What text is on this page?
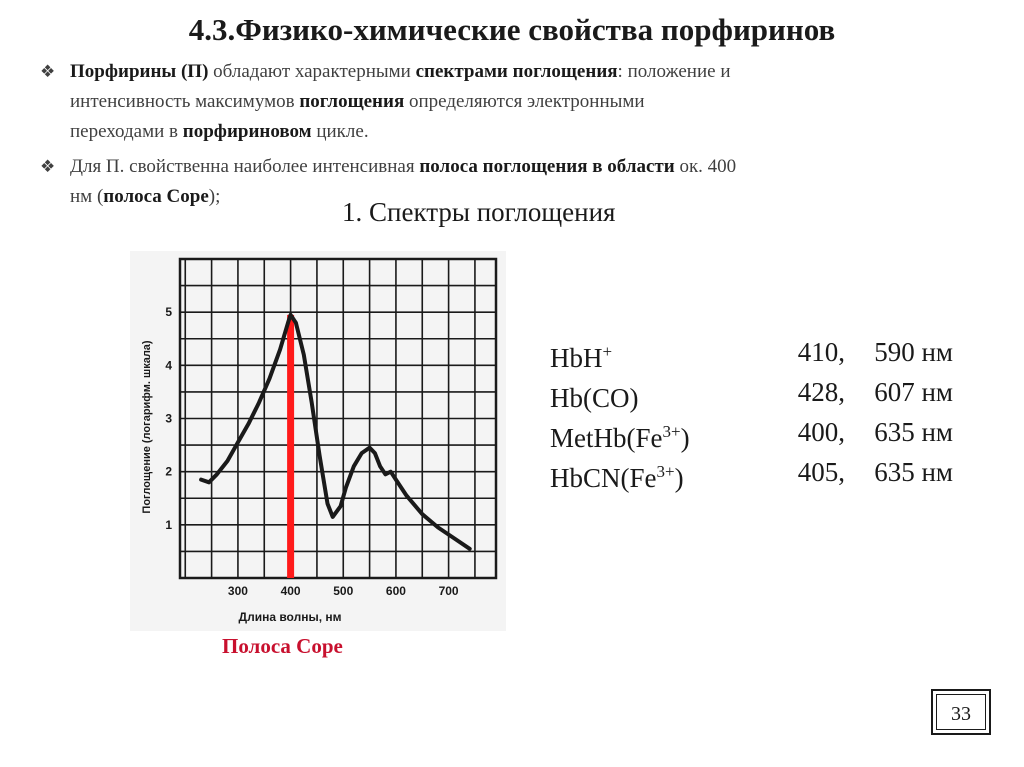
4.3.Физико-химические свойства порфиринов
❖ Порфирины (П) обладают характерными спектрами поглощения: положение и
интенсивность максимумов поглощения определяются электронными
переходами в порфириновом цикле.
❖ Для П. свойственна наиболее интенсивная полоса поглощения в области ок. 400
нм (полоса Соре);
1. Спектры поглощения
300	400	500	600	700
1
2
3
4
5
Длина волны, нм
Поглощение (логарифм. шкала)
Полоса Соре
HbH+	410,	590 нм
Hb(CO)	428,	607 нм
$MetHb(Fe^{3+})$	400,	635 нм
$HbCN(Fe^{3+})$	405,	635 нм
33
